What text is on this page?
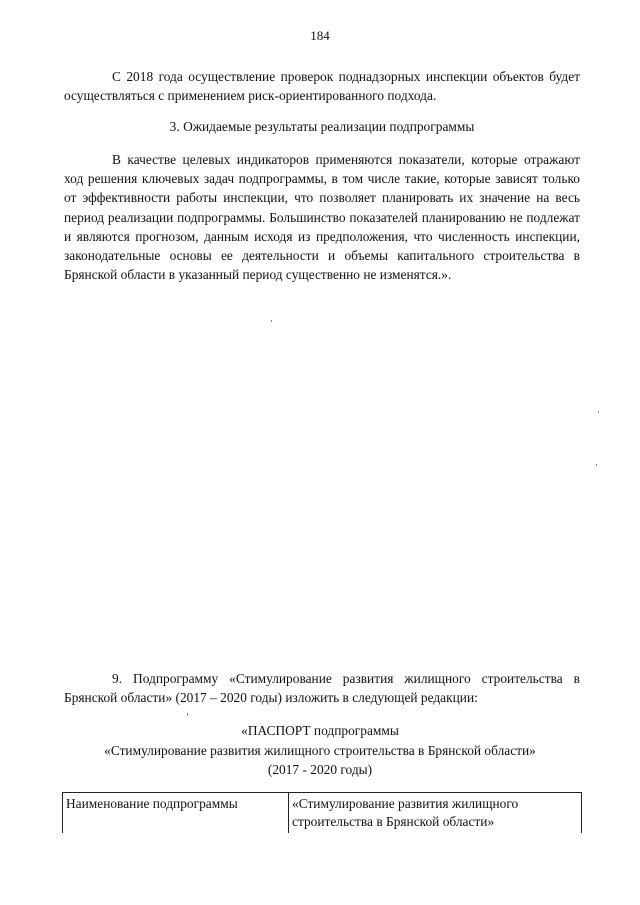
184

С 2018 года осуществление проверок поднадзорных инспекции объектов будет осуществляться с применением риск-ориентированного подхода.

3. Ожидаемые результаты реализации подпрограммы

В качестве целевых индикаторов применяются показатели, которые отражают ход решения ключевых задач подпрограммы, в том числе такие, которые зависят только от эффективности работы инспекции, что позволяет планировать их значение на весь период реализации подпрограммы. Большинство показателей планированию не подлежат и являются прогнозом, данным исходя из предположения, что численность инспекции, законодательные основы ее деятельности и объемы капитального строительства в Брянской области в указанный период существенно не изменятся.».

9. Подпрограмму «Стимулирование развития жилищного строительства в Брянской области» (2017 – 2020 годы) изложить в следующей редакции:

«ПАСПОРТ подпрограммы
«Стимулирование развития жилищного строительства в Брянской области»
(2017 - 2020 годы)
Наименование подпрограммы	«Стимулирование развития жилищного строительства в Брянской области»
